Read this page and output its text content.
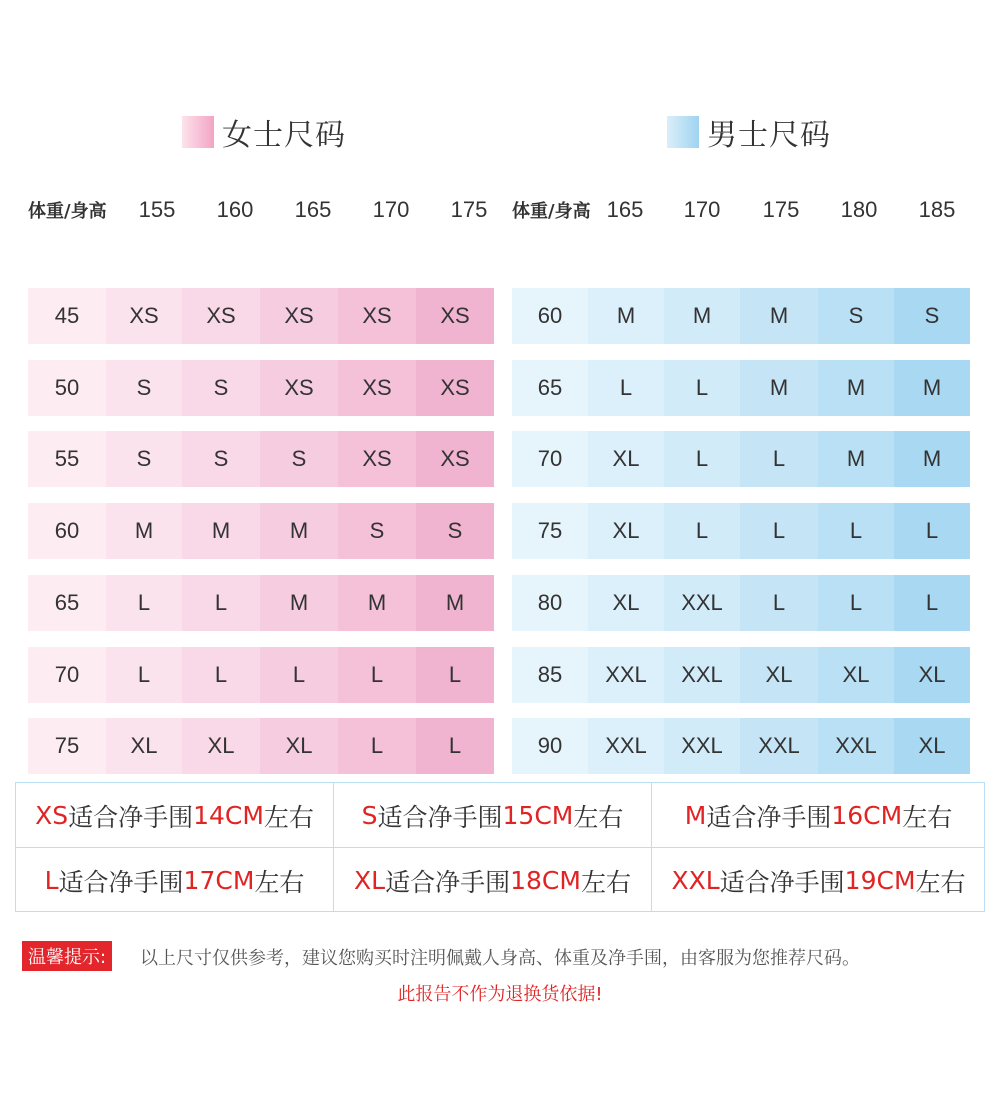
女士尺码	男士尺码
体重/身高	155	160	165	170	175
45	XS	XS	XS	XS	XS
50	S	S	XS	XS	XS
55	S	S	S	XS	XS
60	M	M	M	S	S
65	L	L	M	M	M
70	L	L	L	L	L
75	XL	XL	XL	L	L
体重/身高 165	170	175	180	185
60	M	M	M	S	S
65	L	L	M	M	M
70	XL	L	L	M	M
75	XL	L	L	L	L
80	XL	XXL	L	L	L
85	XXL	XXL	XL	XL	XL
90	XXL	XXL	XXL	XXL	XL
XS 适合净手围 14CM 左右 S 适合净手围 15CM 左右 M 适合净手围 16CM 左右
L 适合净手围 17CM 左右 XL 适合净手围 18CM 左右 XXL 适合净手围 19CM 左右
温馨提示:	以上尺寸仅供参考，建议您购买时注明佩戴人身高、体重及净手围，由客服为您推荐尺码。
此报告不作为退换货依据!
